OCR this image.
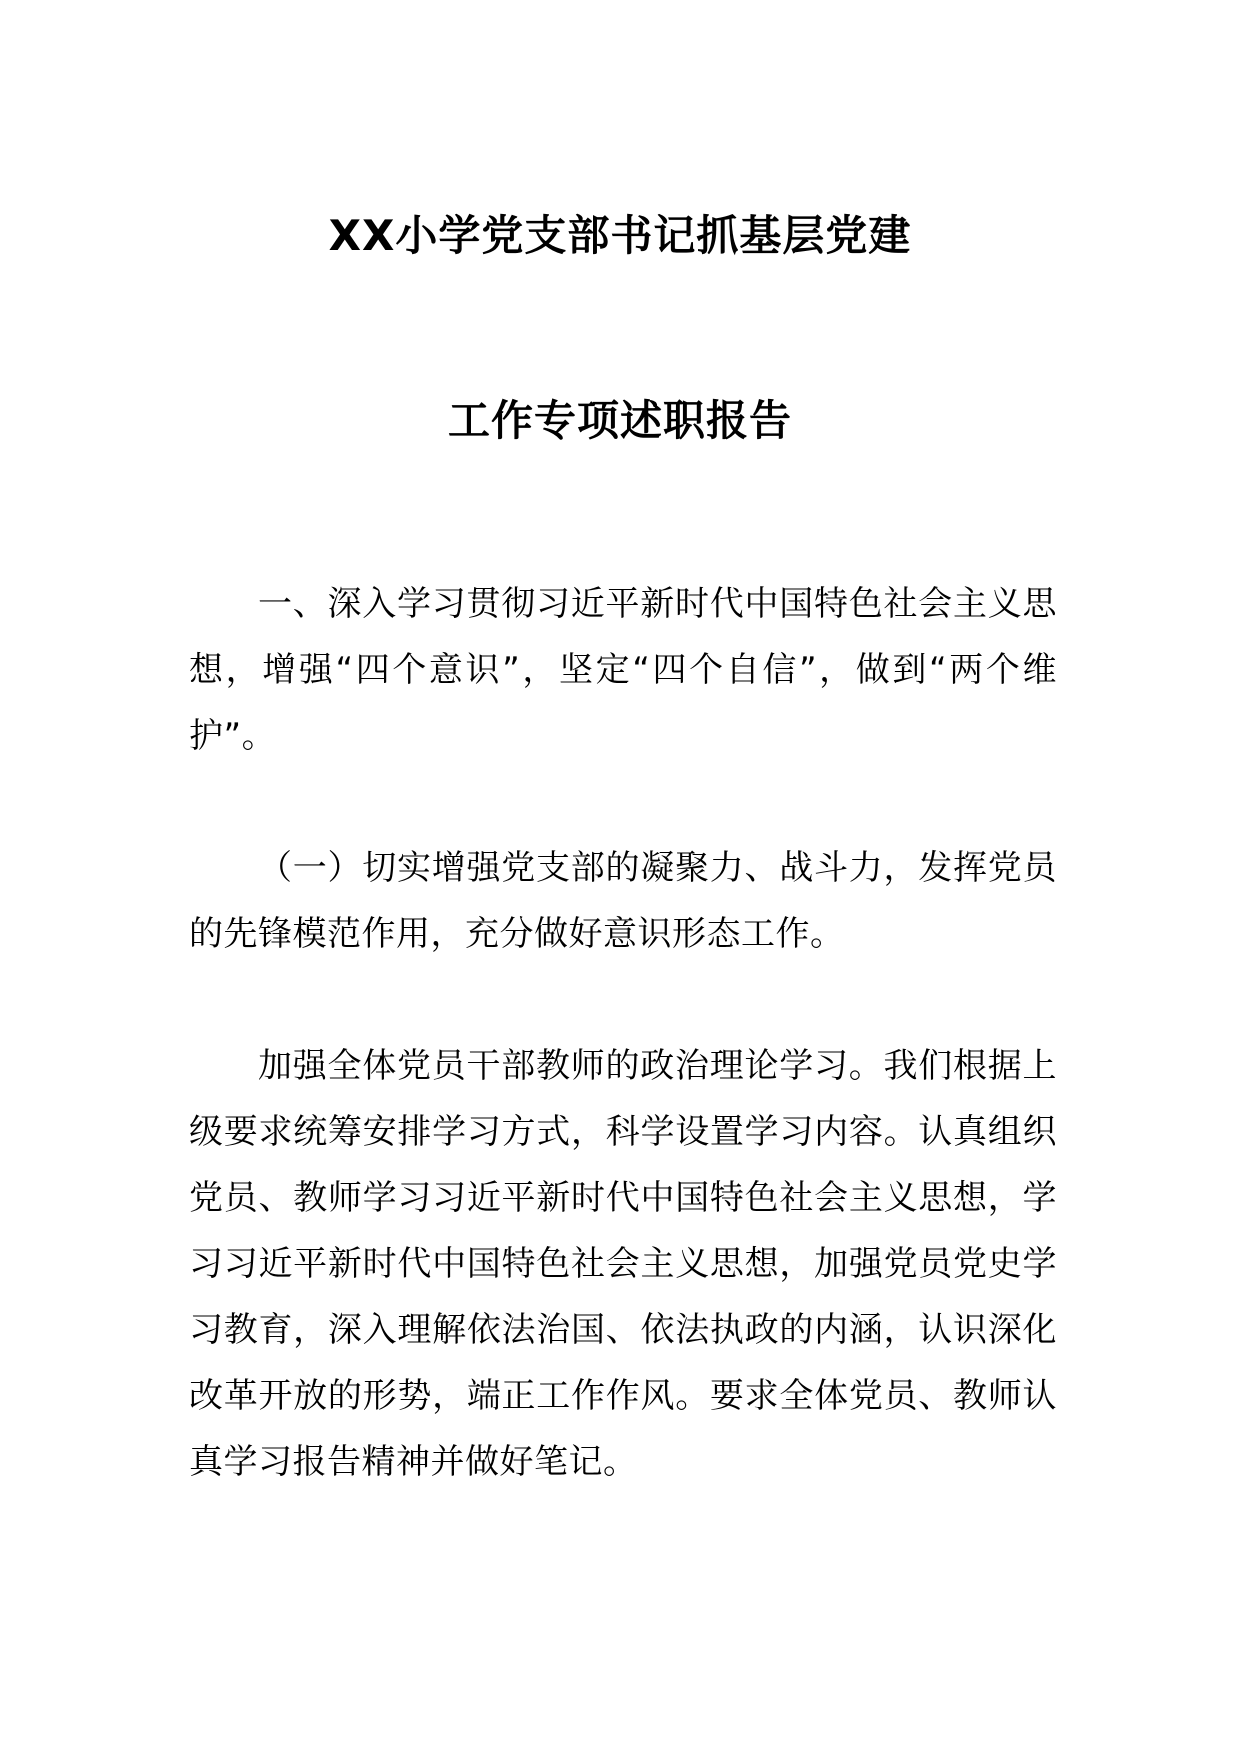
XX小学党支部书记抓基层党建
工作专项述职报告

一、深入学习贯彻习近平新时代中国特色社会主义思想，增强“四个意识”，坚定“四个自信”，做到“两个维护”。

（一）切实增强党支部的凝聚力、战斗力，发挥党员的先锋模范作用，充分做好意识形态工作。

加强全体党员干部教师的政治理论学习。我们根据上级要求统筹安排学习方式，科学设置学习内容。认真组织党员、教师学习习近平新时代中国特色社会主义思想，学习习近平新时代中国特色社会主义思想，加强党员党史学习教育，深入理解依法治国、依法执政的内涵，认识深化改革开放的形势，端正工作作风。要求全体党员、教师认真学习报告精神并做好笔记。
